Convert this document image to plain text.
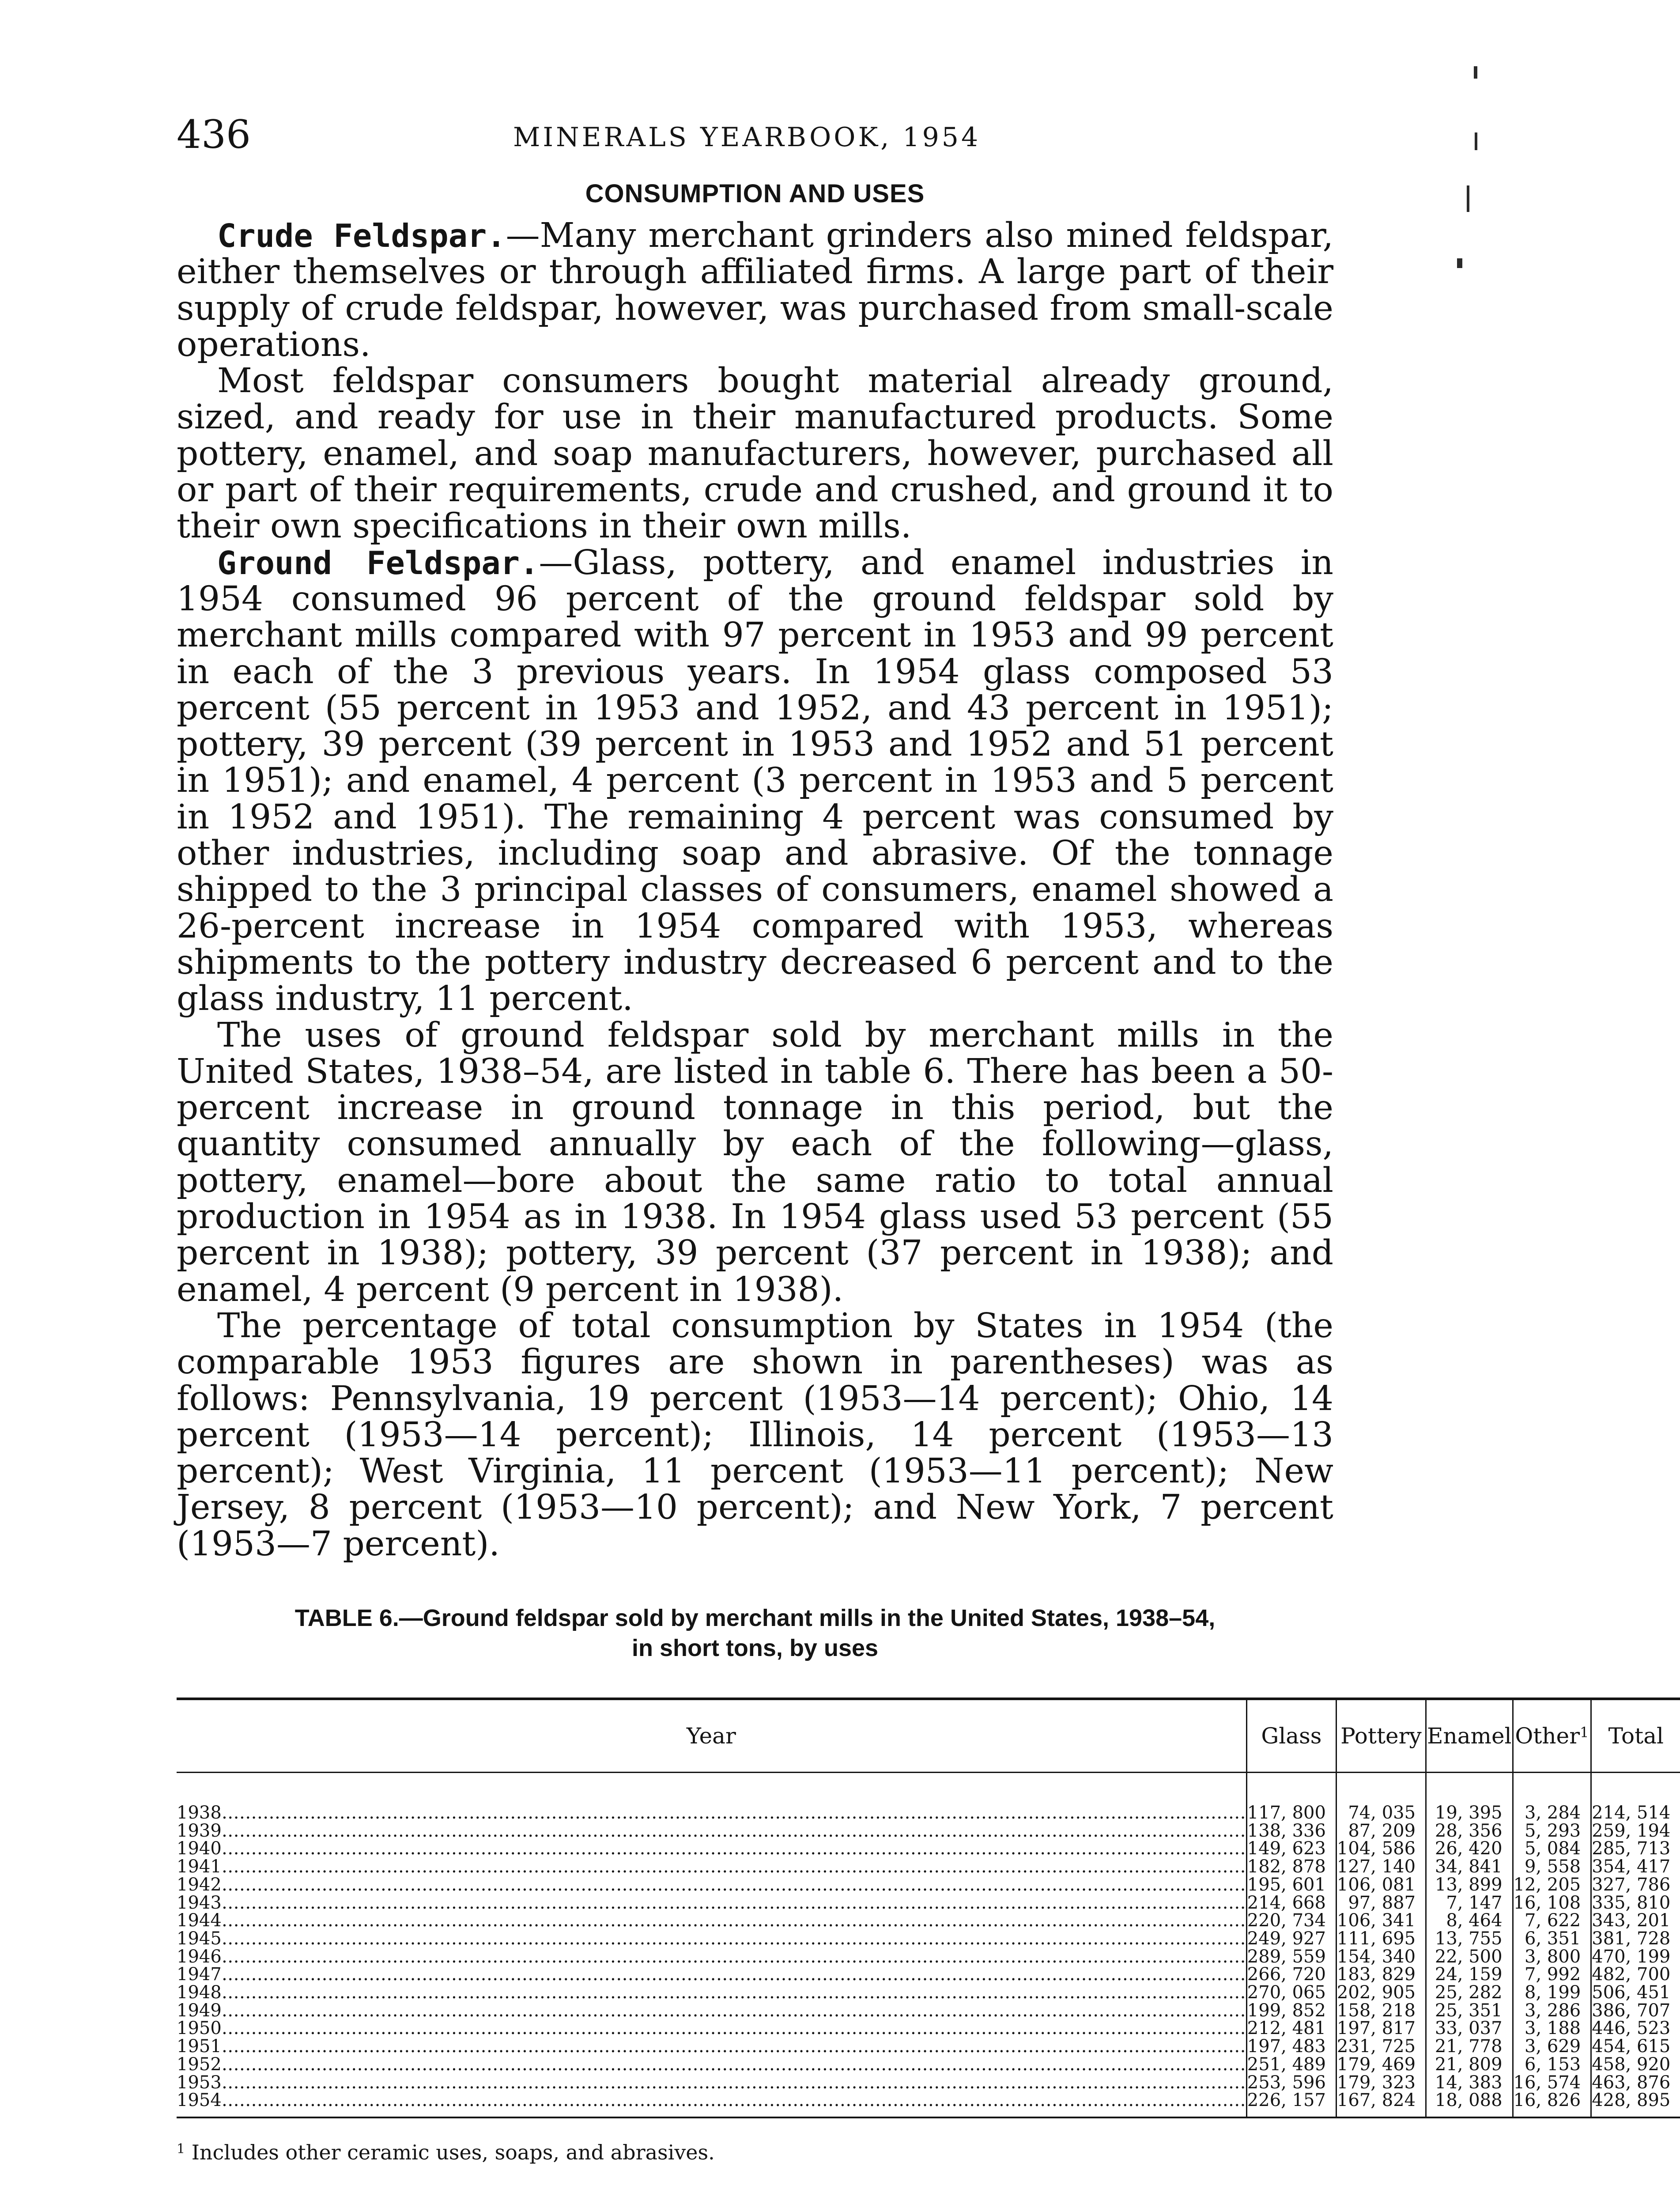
436	MINERALS YEARBOOK, 1954
CONSUMPTION AND USES

Crude Feldspar.—Many merchant grinders also mined feldspar, either themselves or through affiliated firms. A large part of their supply of crude feldspar, however, was purchased from small-scale operations.

Most feldspar consumers bought material already ground, sized, and ready for use in their manufactured products. Some pottery, enamel, and soap manufacturers, however, purchased all or part of their requirements, crude and crushed, and ground it to their own specifications in their own mills.

Ground Feldspar.—Glass, pottery, and enamel industries in 1954 consumed 96 percent of the ground feldspar sold by merchant mills compared with 97 percent in 1953 and 99 percent in each of the 3 previous years. In 1954 glass composed 53 percent (55 percent in 1953 and 1952, and 43 percent in 1951); pottery, 39 percent (39 percent in 1953 and 1952 and 51 percent in 1951); and enamel, 4 percent (3 percent in 1953 and 5 percent in 1952 and 1951). The remaining 4 percent was consumed by other industries, including soap and abrasive. Of the tonnage shipped to the 3 principal classes of consumers, enamel showed a 26-percent increase in 1954 compared with 1953, whereas shipments to the pottery industry decreased 6 percent and to the glass industry, 11 percent.

The uses of ground feldspar sold by merchant mills in the United States, 1938–54, are listed in table 6. There has been a 50-percent increase in ground tonnage in this period, but the quantity consumed annually by each of the following—glass, pottery, enamel—bore about the same ratio to total annual production in 1954 as in 1938. In 1954 glass used 53 percent (55 percent in 1938); pottery, 39 percent (37 percent in 1938); and enamel, 4 percent (9 percent in 1938).

The percentage of total consumption by States in 1954 (the comparable 1953 figures are shown in parentheses) was as follows: Pennsylvania, 19 percent (1953—14 percent); Ohio, 14 percent (1953—14 percent); Illinois, 14 percent (1953—13 percent); West Virginia, 11 percent (1953—11 percent); New Jersey, 8 percent (1953—10 percent); and New York, 7 percent (1953—7 percent).

TABLE 6.—Ground feldspar sold by merchant mills in the United States, 1938–54,
in short tons, by uses
Year	Glass	Pottery	Enamel	Other$^1$	Total
1938…………………………………………………………………………………………………………………………………………………………	117, 800	74, 035	19, 395	3, 284	214, 514
1939…………………………………………………………………………………………………………………………………………………………	138, 336	87, 209	28, 356	5, 293	259, 194
1940…………………………………………………………………………………………………………………………………………………………	149, 623	104, 586	26, 420	5, 084	285, 713
1941…………………………………………………………………………………………………………………………………………………………	182, 878	127, 140	34, 841	9, 558	354, 417
1942…………………………………………………………………………………………………………………………………………………………	195, 601	106, 081	13, 899	12, 205	327, 786
1943…………………………………………………………………………………………………………………………………………………………	214, 668	97, 887	7, 147	16, 108	335, 810
1944…………………………………………………………………………………………………………………………………………………………	220, 734	106, 341	8, 464	7, 622	343, 201
1945…………………………………………………………………………………………………………………………………………………………	249, 927	111, 695	13, 755	6, 351	381, 728
1946…………………………………………………………………………………………………………………………………………………………	289, 559	154, 340	22, 500	3, 800	470, 199
1947…………………………………………………………………………………………………………………………………………………………	266, 720	183, 829	24, 159	7, 992	482, 700
1948…………………………………………………………………………………………………………………………………………………………	270, 065	202, 905	25, 282	8, 199	506, 451
1949…………………………………………………………………………………………………………………………………………………………	199, 852	158, 218	25, 351	3, 286	386, 707
1950…………………………………………………………………………………………………………………………………………………………	212, 481	197, 817	33, 037	3, 188	446, 523
1951…………………………………………………………………………………………………………………………………………………………	197, 483	231, 725	21, 778	3, 629	454, 615
1952…………………………………………………………………………………………………………………………………………………………	251, 489	179, 469	21, 809	6, 153	458, 920
1953…………………………………………………………………………………………………………………………………………………………	253, 596	179, 323	14, 383	16, 574	463, 876
1954…………………………………………………………………………………………………………………………………………………………	226, 157	167, 824	18, 088	16, 826	428, 895
$^1$ Includes other ceramic uses, soaps, and abrasives.
